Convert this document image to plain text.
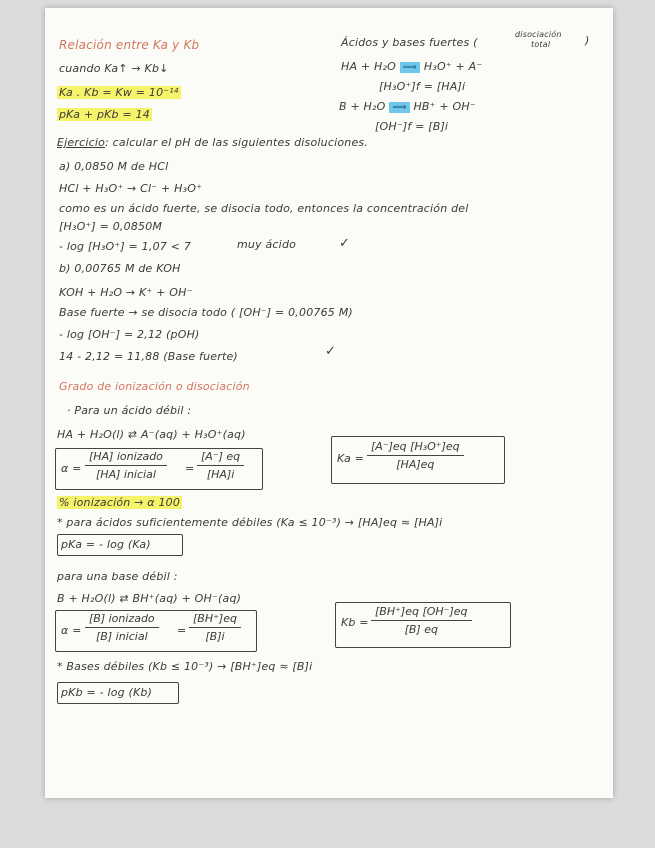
Relación entre Ka y Kb
cuando Ka↑ → Kb↓
Ka . Kb = Kw = 10⁻¹⁴
pKa + pKb = 14
Ácidos y bases fuertes (
disociación
total	)
HA + H₂O ⟹ H₃O⁺ + A⁻
[H₃O⁺]f = [HA]i
B + H₂O ⟹ HB⁺ + OH⁻
[OH⁻]f = [B]i
Ejercicio: calcular el pH de las siguientes disoluciones.
a) 0,0850 M de HCl
HCl + H₃O⁺ → Cl⁻ + H₃O⁺
como es un ácido fuerte, se disocia todo, entonces la concentración del
[H₃O⁺] = 0,0850M
- log [H₃O⁺] = 1,07 < 7	muy ácido	✓
b) 0,00765 M de KOH
KOH + H₂O → K⁺ + OH⁻
Base fuerte → se disocia todo ( [OH⁻] = 0,00765 M)
- log [OH⁻] = 2,12 (pOH)
14 - 2,12 = 11,88 (Base fuerte)	✓
Grado de ionización o disociación
· Para un ácido débil :
HA + H₂O(l) ⇄ A⁻(aq) + H₃O⁺(aq)
α =
[HA] ionizado
[HA] inicial	= $\frac{[A^-] eq}{[HA]i}$	$Ka = \frac{\text{[A⁻]eq [H₃O⁺]eq}}{[HA]eq}$
% ionización → α 100
* para ácidos suficientemente débiles (Ka ≤ 10⁻³) → [HA]eq ≈ [HA]i
pKa = - log (Ka)
para una base débil :
B + H₂O(l) ⇄ BH⁺(aq) + OH⁻(aq)
α =
[B] ionizado
[B] inicial	= $\frac{[BH^+]eq}{[B]i}$	$Kb = \frac{[BH^+]eq [OH^-]eq}{[B] eq}$
* Bases débiles (Kb ≤ 10⁻³) → [BH⁺]eq ≈ [B]i
pKb = - log (Kb)
